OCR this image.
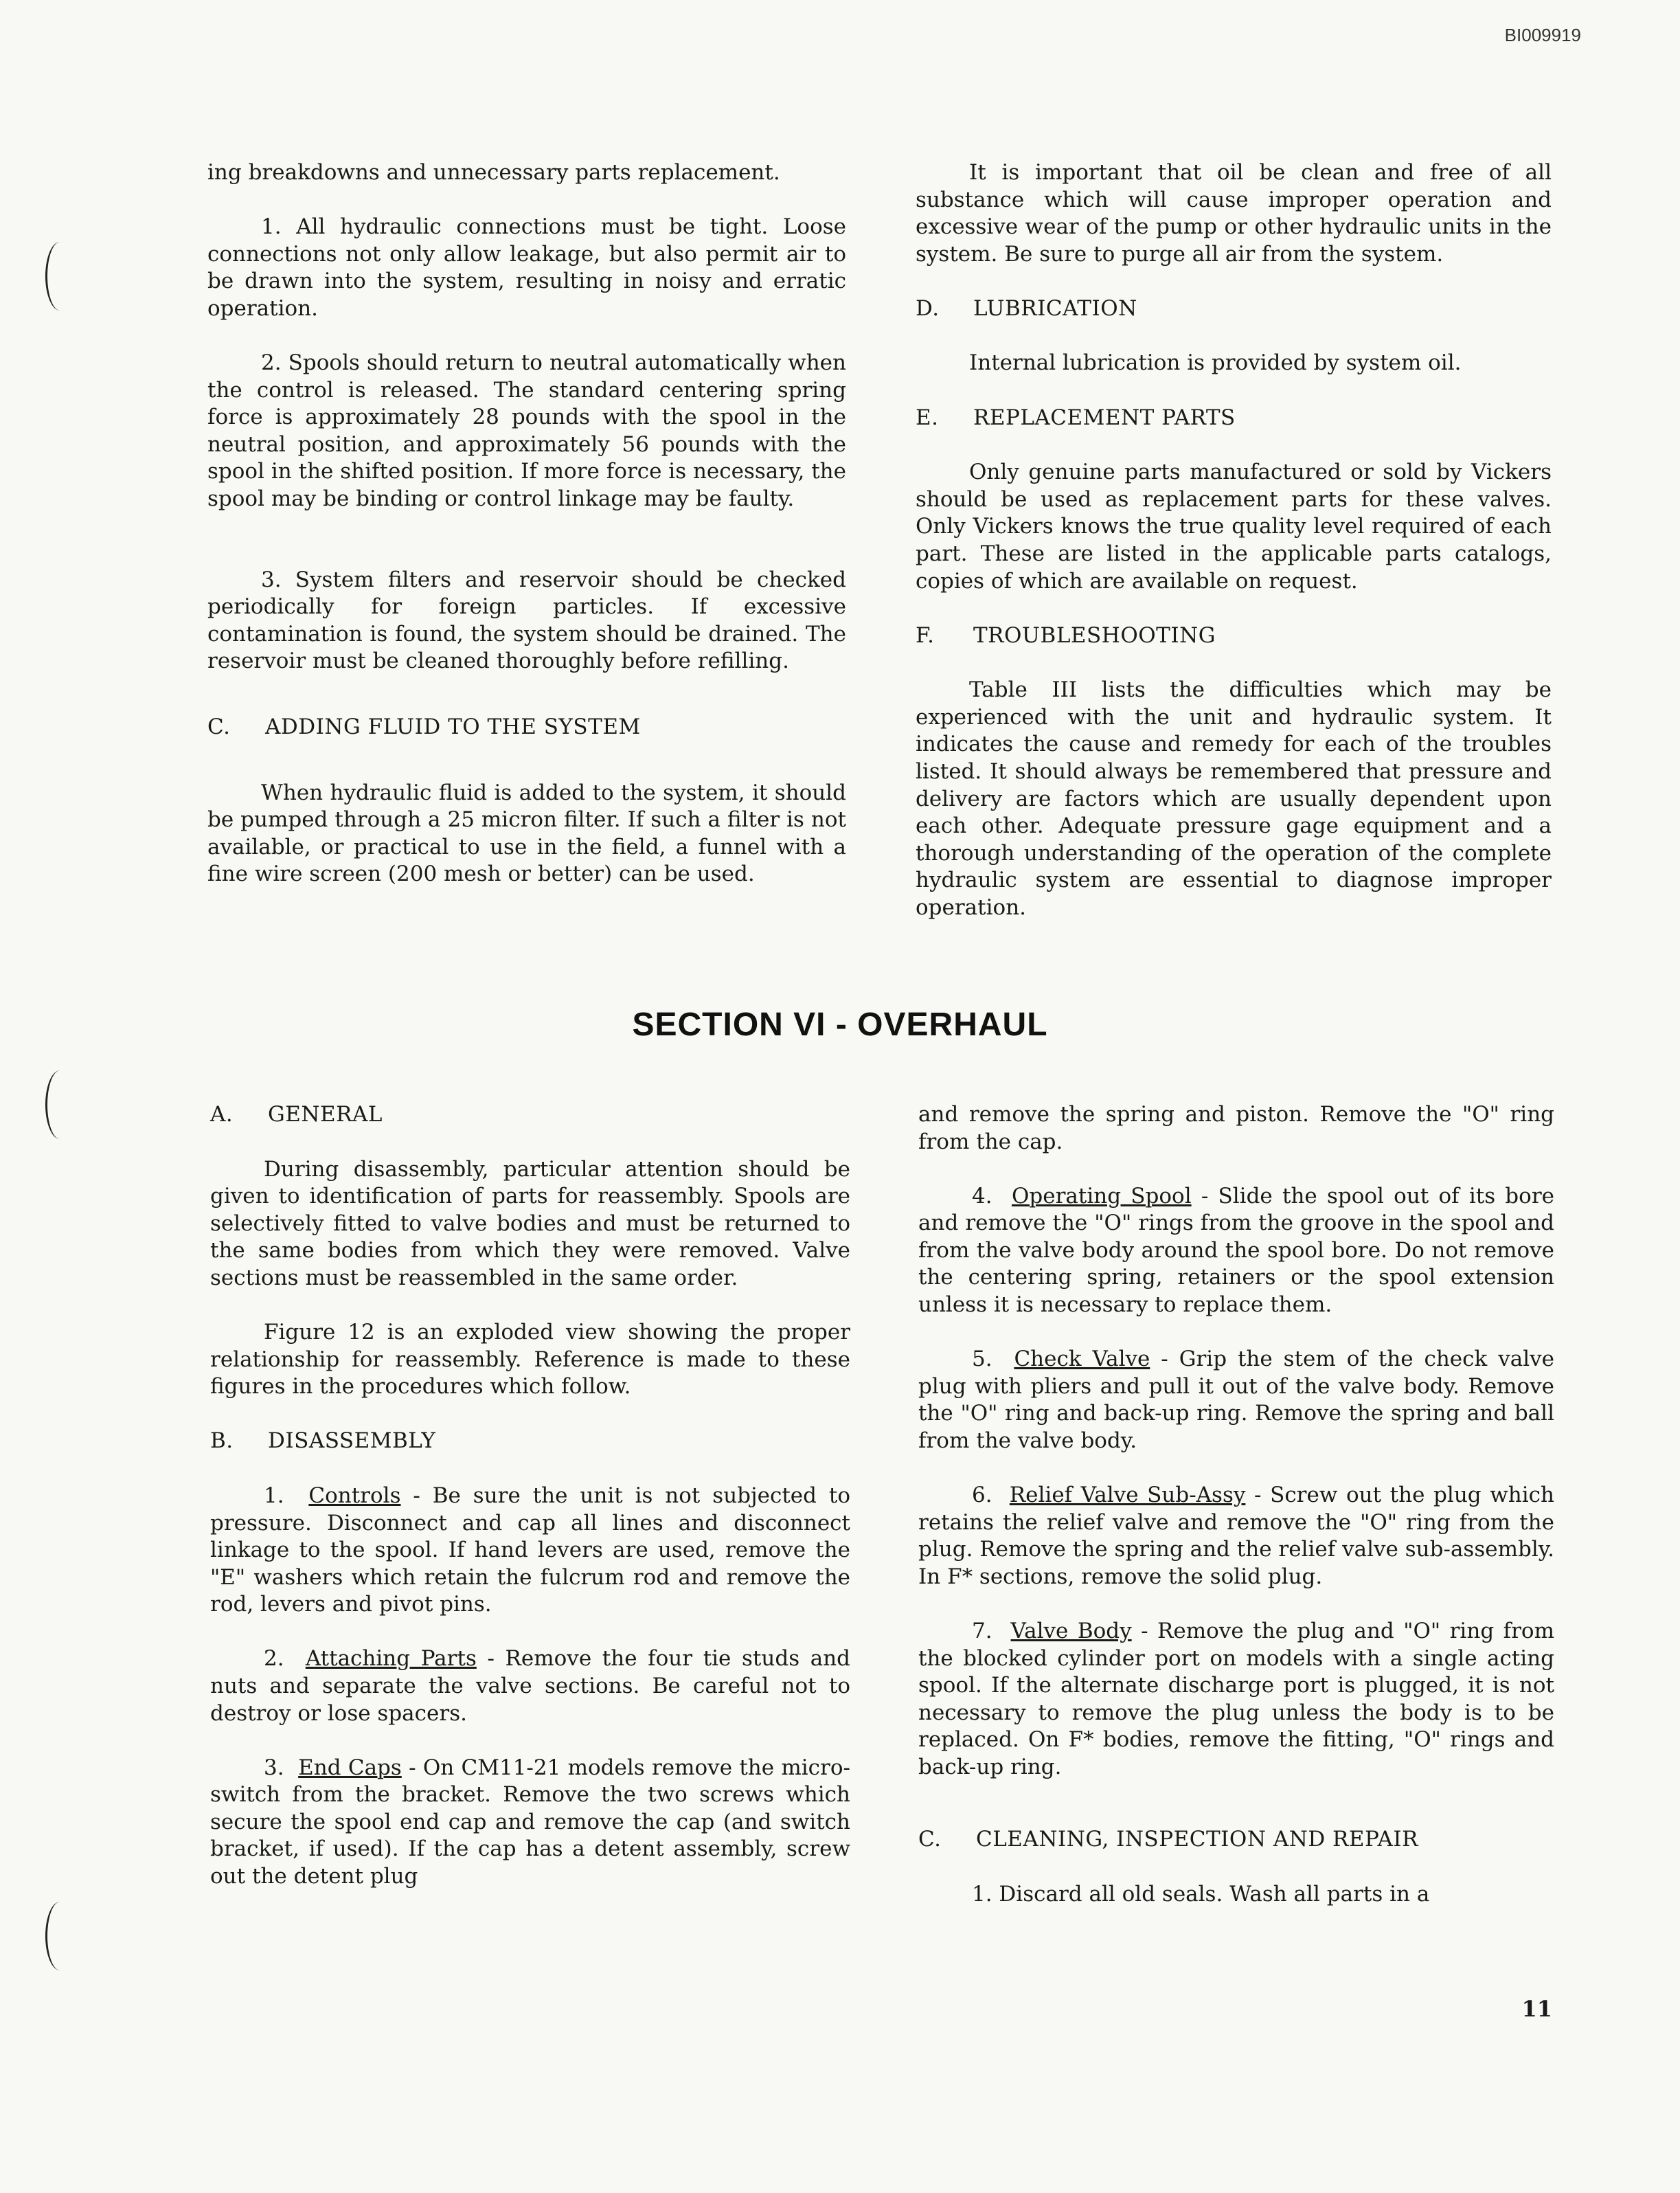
BI009919

ing breakdowns and unnecessary parts replacement.

1. All hydraulic connections must be tight. Loose connections not only allow leakage, but also permit air to be drawn into the system, resulting in noisy and erratic operation.

2. Spools should return to neutral automatically when the control is released. The standard centering spring force is approximately 28 pounds with the spool in the neutral position, and approximately 56 pounds with the spool in the shifted position. If more force is necessary, the spool may be binding or control linkage may be faulty.

3. System filters and reservoir should be checked periodically for foreign particles. If excessive contamination is found, the system should be drained. The reservoir must be cleaned thoroughly before refilling.

C. ADDING FLUID TO THE SYSTEM

When hydraulic fluid is added to the system, it should be pumped through a 25 micron filter. If such a filter is not available, or practical to use in the field, a funnel with a fine wire screen (200 mesh or better) can be used.

It is important that oil be clean and free of all substance which will cause improper operation and excessive wear of the pump or other hydraulic units in the system. Be sure to purge all air from the system.

D. LUBRICATION

Internal lubrication is provided by system oil.

E. REPLACEMENT PARTS

Only genuine parts manufactured or sold by Vickers should be used as replacement parts for these valves. Only Vickers knows the true quality level required of each part. These are listed in the applicable parts catalogs, copies of which are available on request.

F. TROUBLESHOOTING

Table III lists the difficulties which may be experienced with the unit and hydraulic system. It indicates the cause and remedy for each of the troubles listed. It should always be remembered that pressure and delivery are factors which are usually dependent upon each other. Adequate pressure gage equipment and a thorough understanding of the operation of the complete hydraulic system are essential to diagnose improper operation.

SECTION VI - OVERHAUL
A. GENERAL

During disassembly, particular attention should be given to identification of parts for reassembly. Spools are selectively fitted to valve bodies and must be returned to the same bodies from which they were removed. Valve sections must be reassembled in the same order.

Figure 12 is an exploded view showing the proper relationship for reassembly. Reference is made to these figures in the procedures which follow.

B. DISASSEMBLY

1. Controls - Be sure the unit is not subjected to pressure. Disconnect and cap all lines and disconnect linkage to the spool. If hand levers are used, remove the "E" washers which retain the fulcrum rod and remove the rod, levers and pivot pins.

2. Attaching Parts - Remove the four tie studs and nuts and separate the valve sections. Be careful not to destroy or lose spacers.

3. End Caps - On CM11-21 models remove the micro-switch from the bracket. Remove the two screws which secure the spool end cap and remove the cap (and switch bracket, if used). If the cap has a detent assembly, screw out the detent plug

and remove the spring and piston. Remove the "O" ring from the cap.

4. Operating Spool - Slide the spool out of its bore and remove the "O" rings from the groove in the spool and from the valve body around the spool bore. Do not remove the centering spring, retainers or the spool extension unless it is necessary to replace them.

5. Check Valve - Grip the stem of the check valve plug with pliers and pull it out of the valve body. Remove the "O" ring and back-up ring. Remove the spring and ball from the valve body.

6. Relief Valve Sub-Assy - Screw out the plug which retains the relief valve and remove the "O" ring from the plug. Remove the spring and the relief valve sub-assembly. In F* sections, remove the solid plug.

7. Valve Body - Remove the plug and "O" ring from the blocked cylinder port on models with a single acting spool. If the alternate discharge port is plugged, it is not necessary to remove the plug unless the body is to be replaced. On F* bodies, remove the fitting, "O" rings and back-up ring.

C. CLEANING, INSPECTION AND REPAIR

1. Discard all old seals. Wash all parts in a

11
